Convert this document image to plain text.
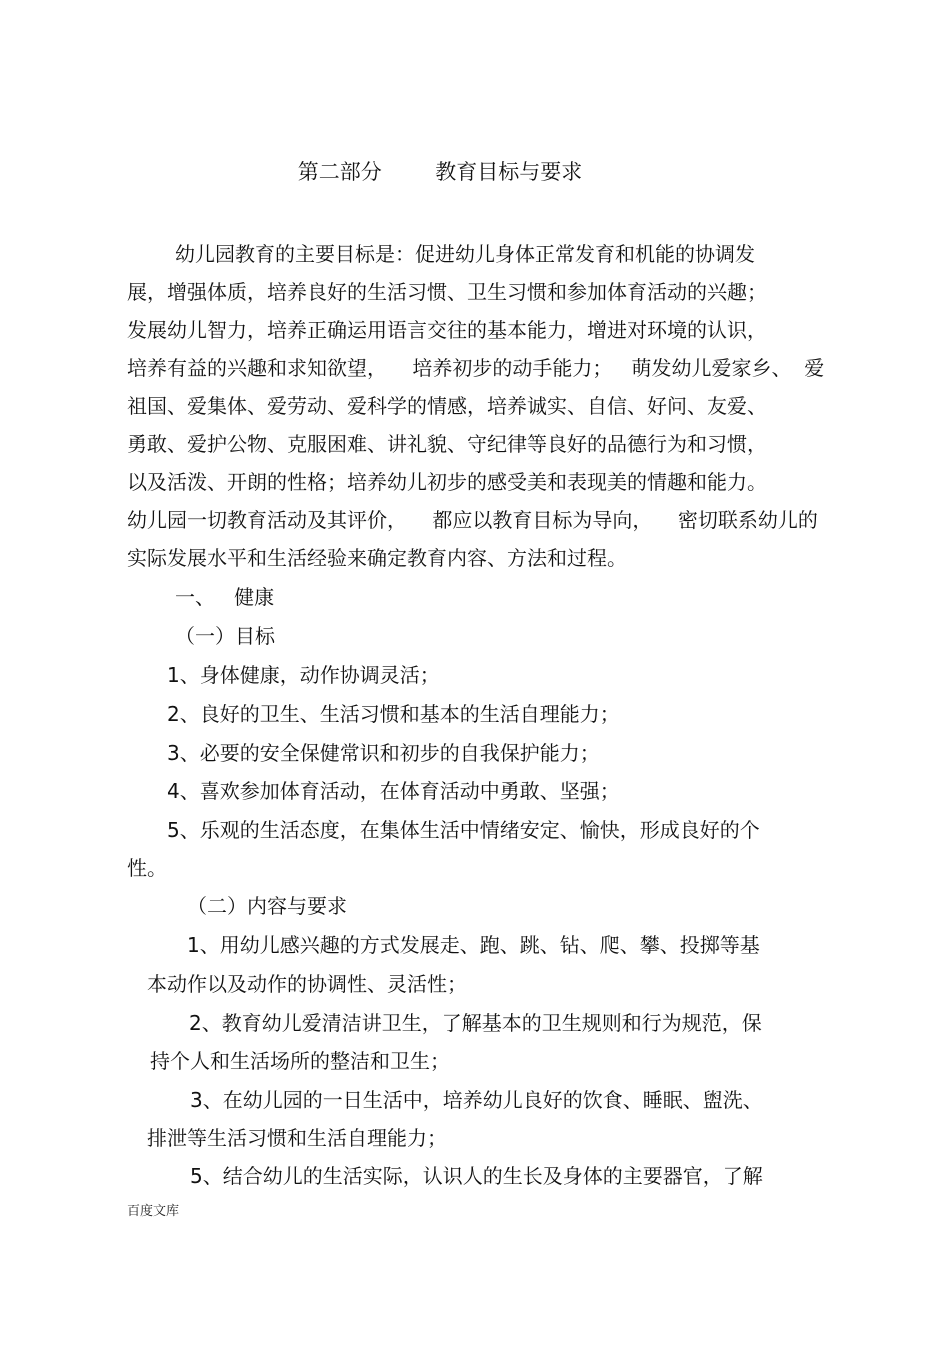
第二部分        教育目标与要求
幼儿园教育的主要目标是：促进幼儿身体正常发育和机能的协调发
展，增强体质，培养良好的生活习惯、卫生习惯和参加体育活动的兴趣；
发展幼儿智力，培养正确运用语言交往的基本能力，增进对环境的认识，
培养有益的兴趣和求知欲望，    培养初步的动手能力；   萌发幼儿爱家乡、  爱
祖国、爱集体、爱劳动、爱科学的情感，培养诚实、自信、好问、友爱、
勇敢、爱护公物、克服困难、讲礼貌、守纪律等良好的品德行为和习惯，
以及活泼、开朗的性格；培养幼儿初步的感受美和表现美的情趣和能力。
幼儿园一切教育活动及其评价，    都应以教育目标为导向，    密切联系幼儿的
实际发展水平和生活经验来确定教育内容、方法和过程。
一、   健康
（一）目标
1、身体健康，动作协调灵活；
2、良好的卫生、生活习惯和基本的生活自理能力；
3、必要的安全保健常识和初步的自我保护能力；
4、喜欢参加体育活动，在体育活动中勇敢、坚强；
5、乐观的生活态度，在集体生活中情绪安定、愉快，形成良好的个
性。
（二）内容与要求
1、用幼儿感兴趣的方式发展走、跑、跳、钻、爬、攀、投掷等基
本动作以及动作的协调性、灵活性；
2、教育幼儿爱清洁讲卫生，了解基本的卫生规则和行为规范，保
持个人和生活场所的整洁和卫生；
3、在幼儿园的一日生活中，培养幼儿良好的饮食、睡眠、盥洗、
排泄等生活习惯和生活自理能力；
5、结合幼儿的生活实际，认识人的生长及身体的主要器官，了解
百度文库
